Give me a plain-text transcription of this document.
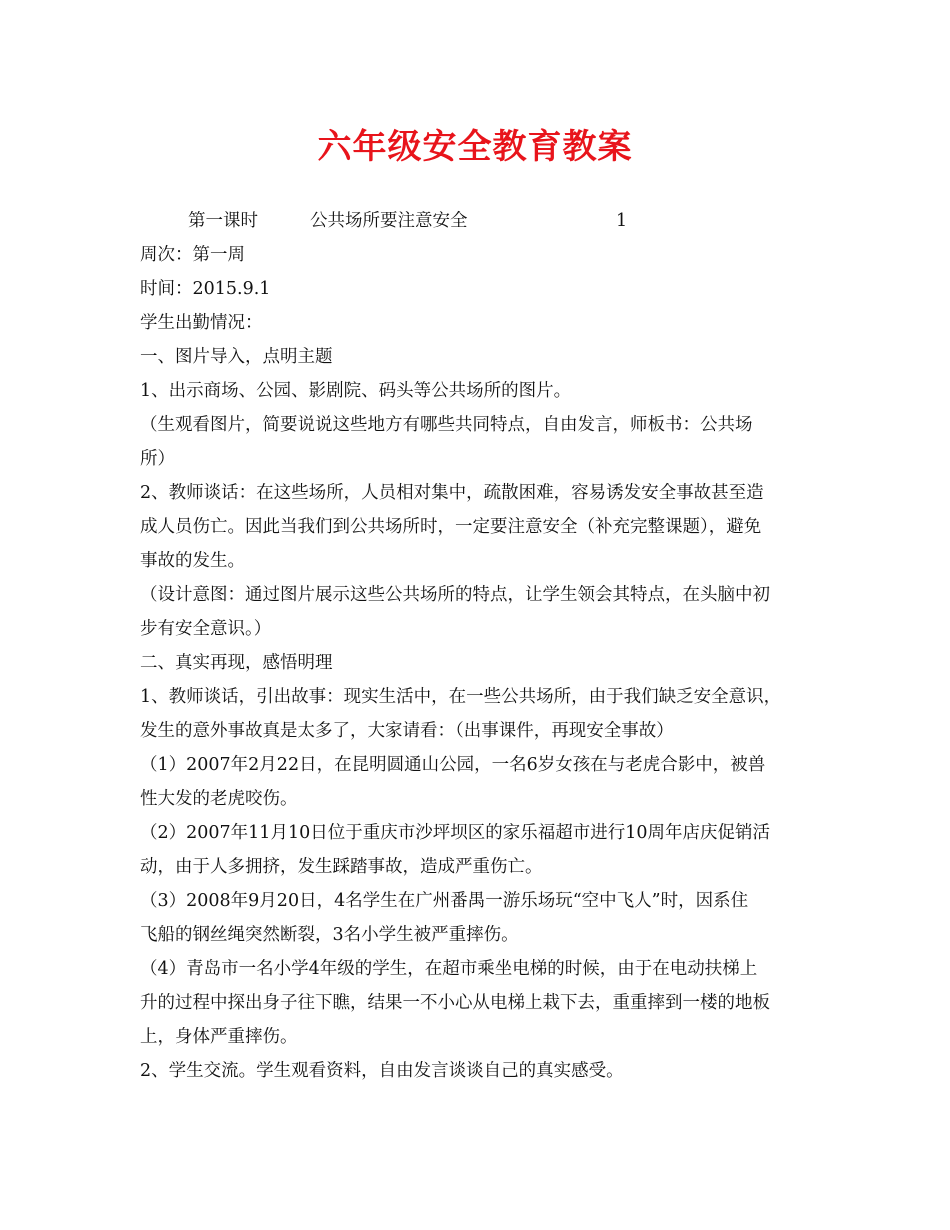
六年级安全教育教案
第一课时	公共场所要注意安全	1
周次：第一周
时间：2015.9.1
学生出勤情况：
一、图片导入，点明主题
1、出示商场、公园、影剧院、码头等公共场所的图片。
（生观看图片，简要说说这些地方有哪些共同特点，自由发言，师板书：公共场
所）
2、教师谈话：在这些场所，人员相对集中，疏散困难，容易诱发安全事故甚至造
成人员伤亡。因此当我们到公共场所时，一定要注意安全（补充完整课题），避免
事故的发生。
（设计意图：通过图片展示这些公共场所的特点，让学生领会其特点，在头脑中初
步有安全意识。）
二、真实再现，感悟明理
1、教师谈话，引出故事：现实生活中，在一些公共场所，由于我们缺乏安全意识，
发生的意外事故真是太多了，大家请看：（出事课件，再现安全事故）
（1）2007年2月22日，在昆明圆通山公园，一名6岁女孩在与老虎合影中，被兽
性大发的老虎咬伤。
（2）2007年11月10日位于重庆市沙坪坝区的家乐福超市进行10周年店庆促销活
动，由于人多拥挤，发生踩踏事故，造成严重伤亡。
（3）2008年9月20日，4名学生在广州番禺一游乐场玩“空中飞人”时，因系住
飞船的钢丝绳突然断裂，3名小学生被严重摔伤。
（4）青岛市一名小学4年级的学生，在超市乘坐电梯的时候，由于在电动扶梯上
升的过程中探出身子往下瞧，结果一不小心从电梯上栽下去，重重摔到一楼的地板
上，身体严重摔伤。
2、学生交流。学生观看资料，自由发言谈谈自己的真实感受。
